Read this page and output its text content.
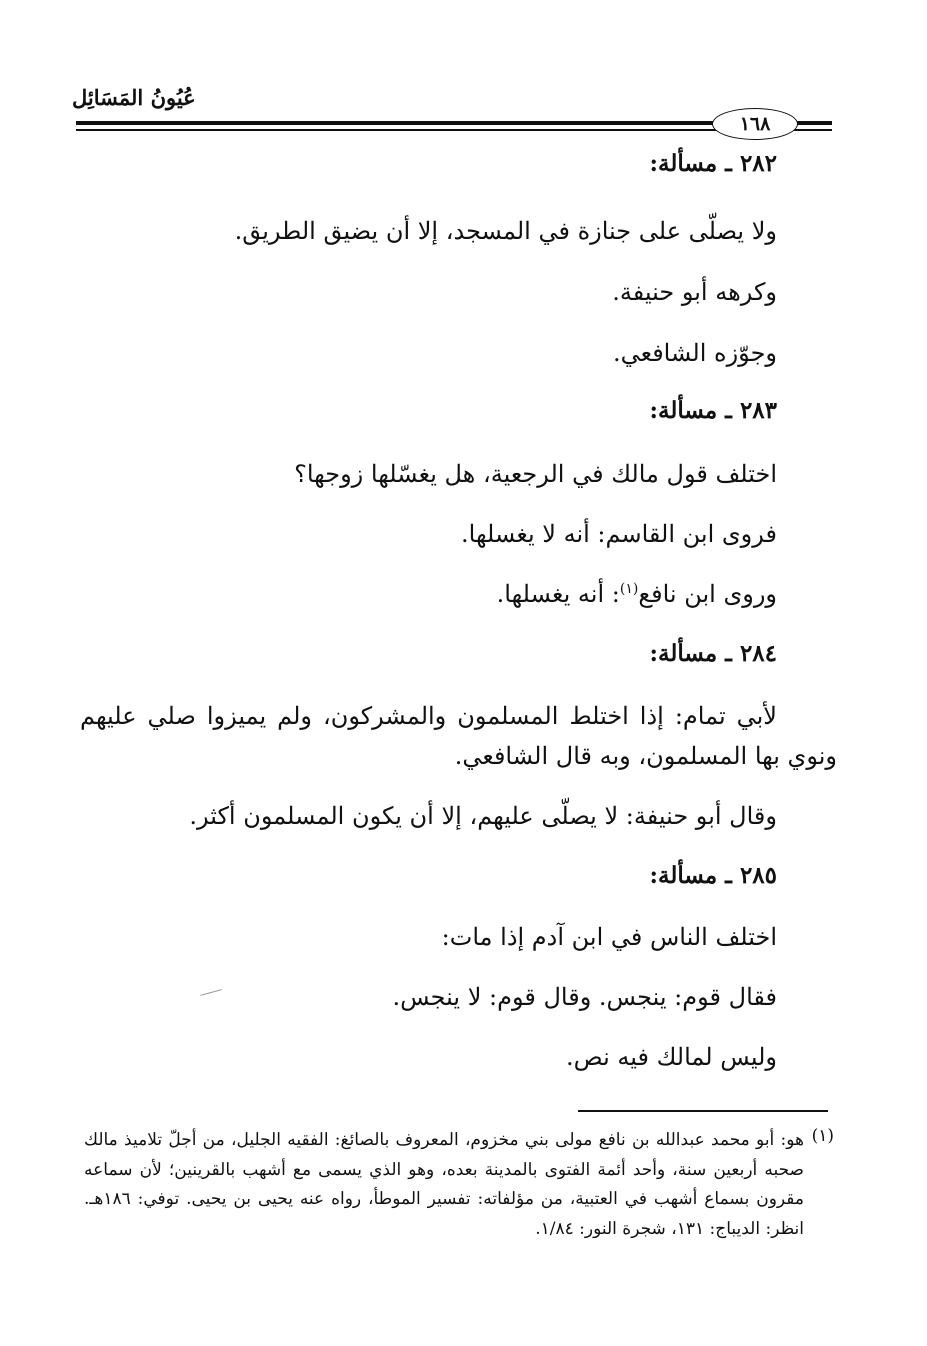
عُيُونُ المَسَائِل
١٦٨
٢٨٢ ـ مسألة:
ولا يصلّى على جنازة في المسجد، إلا أن يضيق الطريق.
وكرهه أبو حنيفة.
وجوّزه الشافعي.
٢٨٣ ـ مسألة:
اختلف قول مالك في الرجعية، هل يغسّلها زوجها؟
فروى ابن القاسم: أنه لا يغسلها.
وروى ابن نافع$^{(١)}$: أنه يغسلها.
٢٨٤ ـ مسألة:
لأبي تمام: إذا اختلط المسلمون والمشركون، ولم يميزوا صلي عليهم
ونوي بها المسلمون، وبه قال الشافعي.
وقال أبو حنيفة: لا يصلّى عليهم، إلا أن يكون المسلمون أكثر.
٢٨٥ ـ مسألة:
اختلف الناس في ابن آدم إذا مات:
فقال قوم: ينجس. وقال قوم: لا ينجس.
وليس لمالك فيه نص.
(١)
هو: أبو محمد عبدالله بن نافع مولى بني مخزوم، المعروف بالصائغ: الفقيه الجليل، من أجلّ تلاميذ مالك صحبه أربعين سنة، وأحد أئمة الفتوى بالمدينة بعده، وهو الذي يسمى مع أشهب بالقرينين؛ لأن سماعه مقرون بسماع أشهب في العتبية، من مؤلفاته: تفسير الموطأ، رواه عنه يحيى بن يحيى. توفي: ١٨٦هـ. انظر: الديباج: ١٣١، شجرة النور: ١/٨٤.
